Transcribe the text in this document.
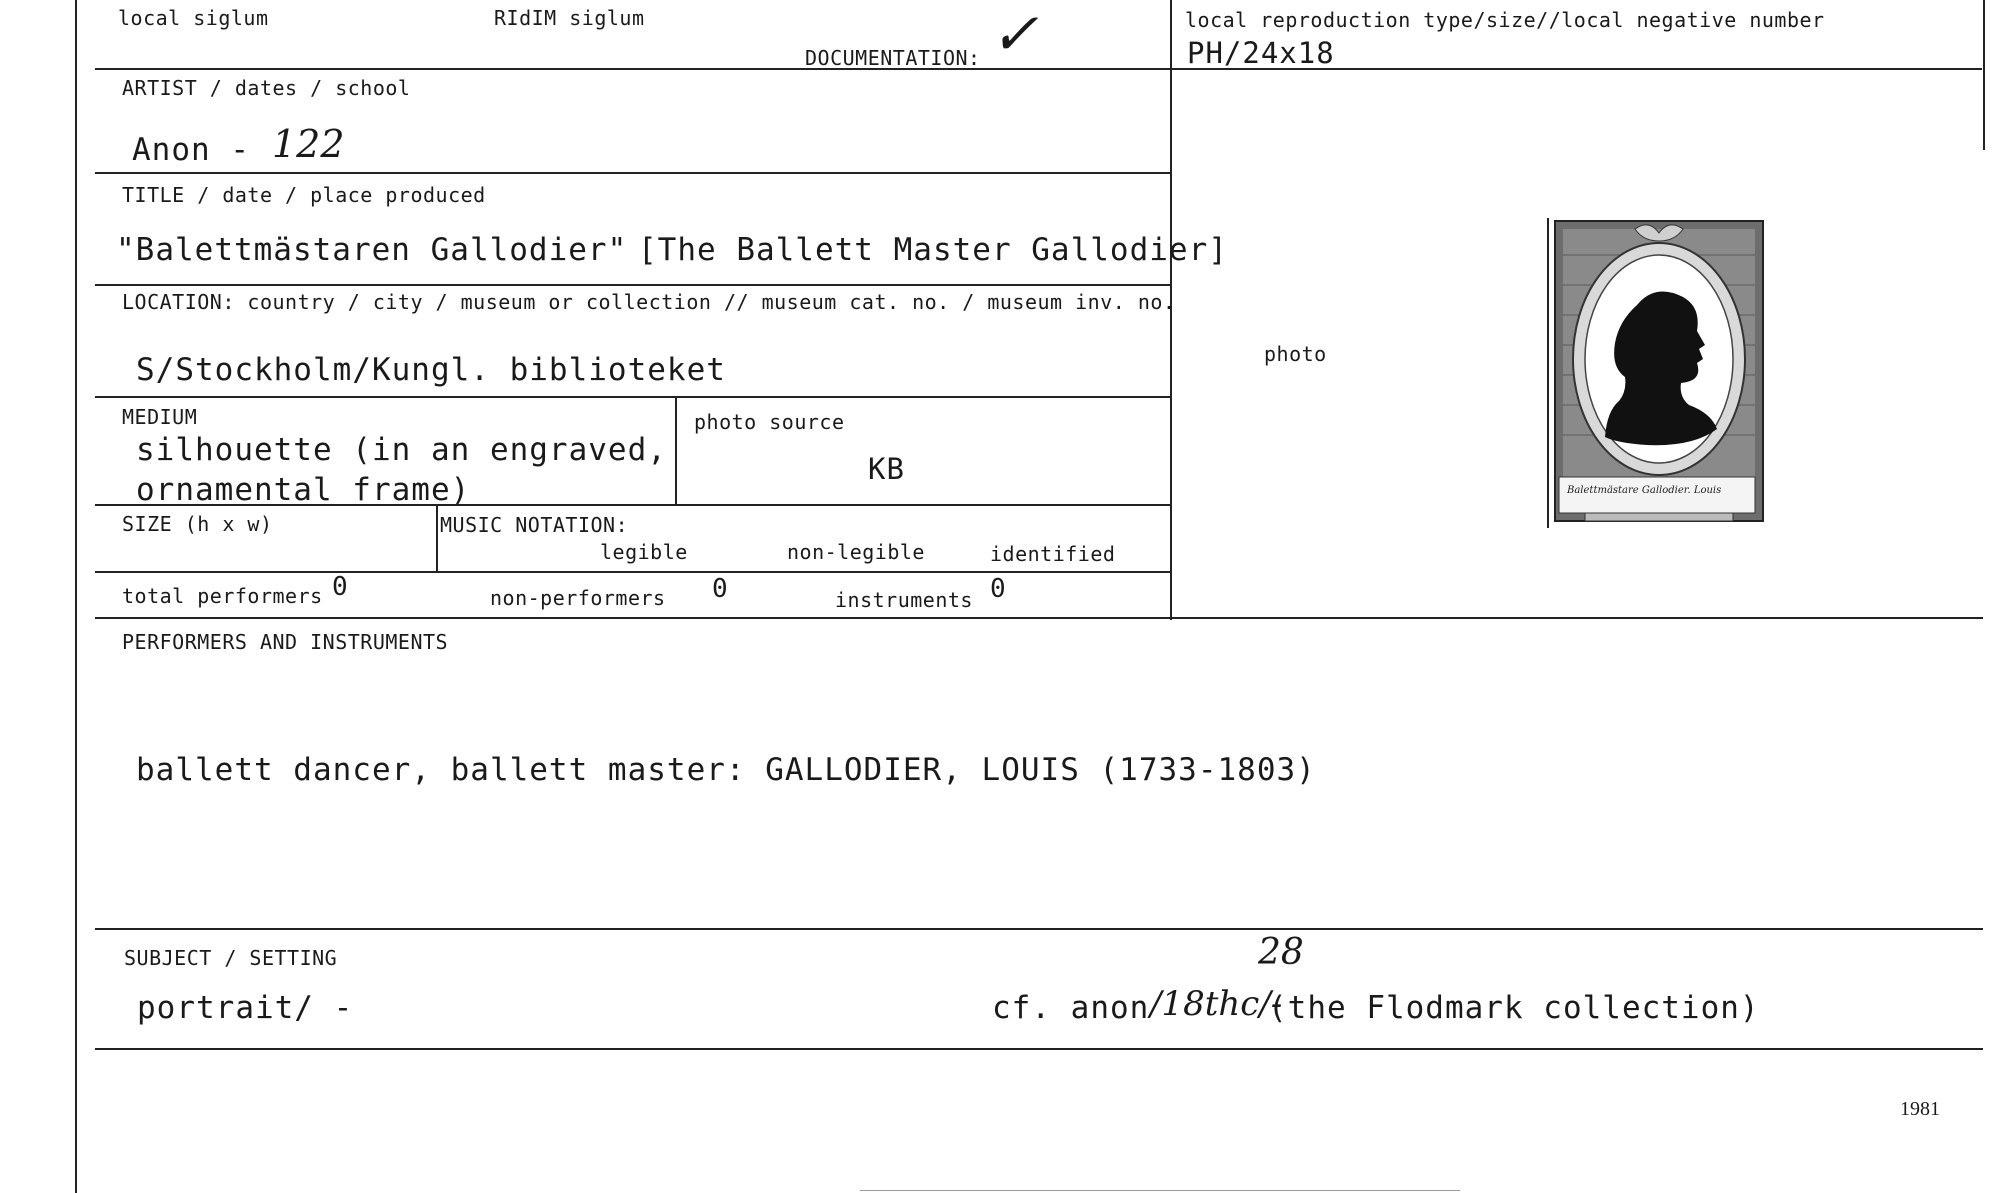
local siglum	RIdIM siglum
DOCUMENTATION: ✓	local reproduction type/size//local negative number
PH/24x18
ARTIST / dates / school
Anon - 122
TITLE / date / place produced
"Balettmästaren Gallodier" [The Ballett Master Gallodier]
LOCATION: country / city / museum or collection // museum cat. no. / museum inv. no.
S/Stockholm/Kungl. biblioteket
MEDIUM
silhouette (in an engraved,
ornamental frame)
photo source
KB
SIZE (h x w)	MUSIC NOTATION:
legible	non-legible	identified
total performers 0	non-performers 0	instruments 0
photo
Balettmästare Gallodier. Louis
PERFORMERS AND INSTRUMENTS
ballett dancer, ballett master: GALLODIER, LOUIS (1733-1803)
SUBJECT / SETTING	28
portrait/ -	cf. anon /18thc/-
(the Flodmark collection)
1981
